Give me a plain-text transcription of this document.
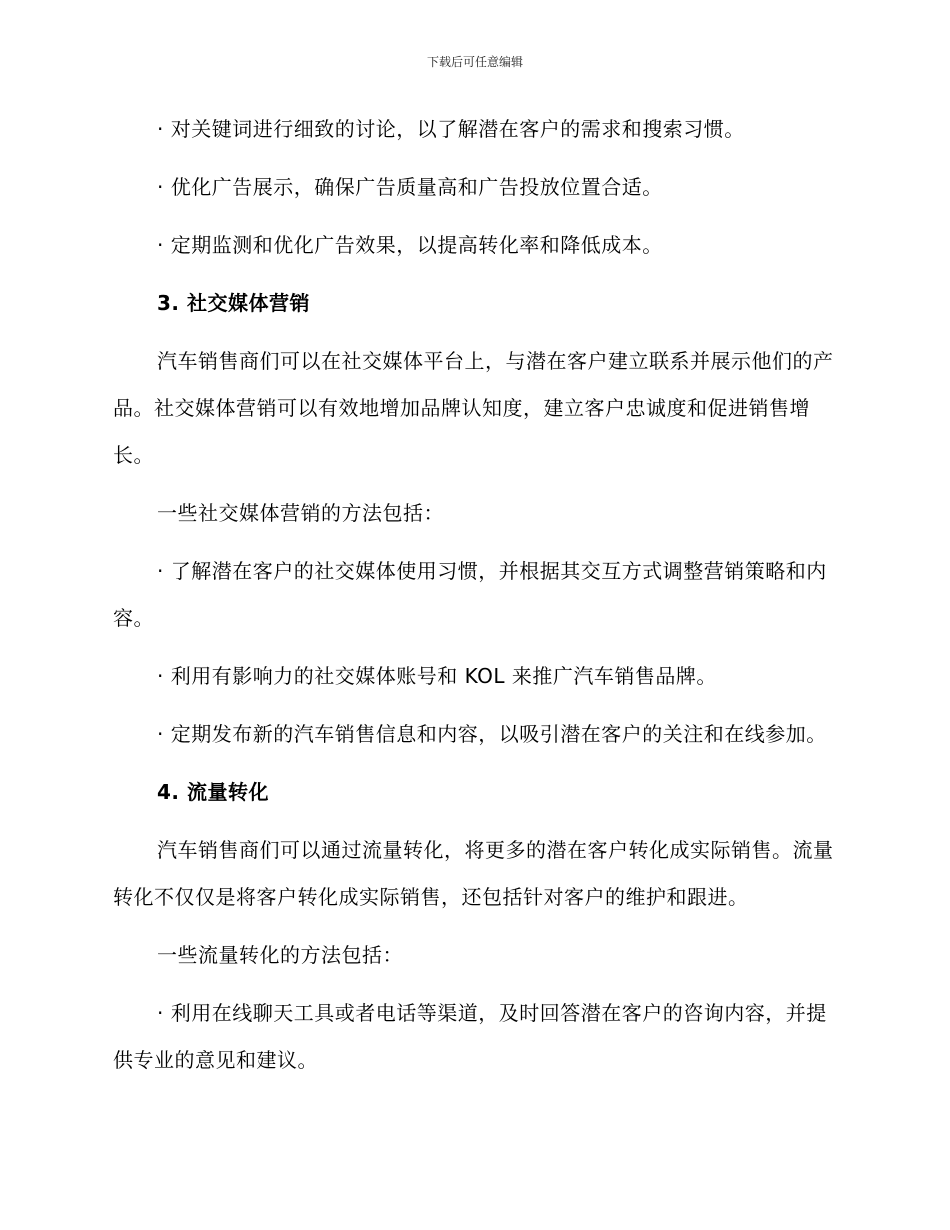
下载后可任意编辑

· 对关键词进行细致的讨论，以了解潜在客户的需求和搜索习惯。

· 优化广告展示，确保广告质量高和广告投放位置合适。

· 定期监测和优化广告效果，以提高转化率和降低成本。

3. 社交媒体营销

汽车销售商们可以在社交媒体平台上，与潜在客户建立联系并展示他们的产品。社交媒体营销可以有效地增加品牌认知度，建立客户忠诚度和促进销售增长。

一些社交媒体营销的方法包括：

· 了解潜在客户的社交媒体使用习惯，并根据其交互方式调整营销策略和内容。

· 利用有影响力的社交媒体账号和 KOL 来推广汽车销售品牌。

· 定期发布新的汽车销售信息和内容，以吸引潜在客户的关注和在线参加。

4. 流量转化

汽车销售商们可以通过流量转化，将更多的潜在客户转化成实际销售。流量转化不仅仅是将客户转化成实际销售，还包括针对客户的维护和跟进。

一些流量转化的方法包括：

· 利用在线聊天工具或者电话等渠道，及时回答潜在客户的咨询内容，并提供专业的意见和建议。
